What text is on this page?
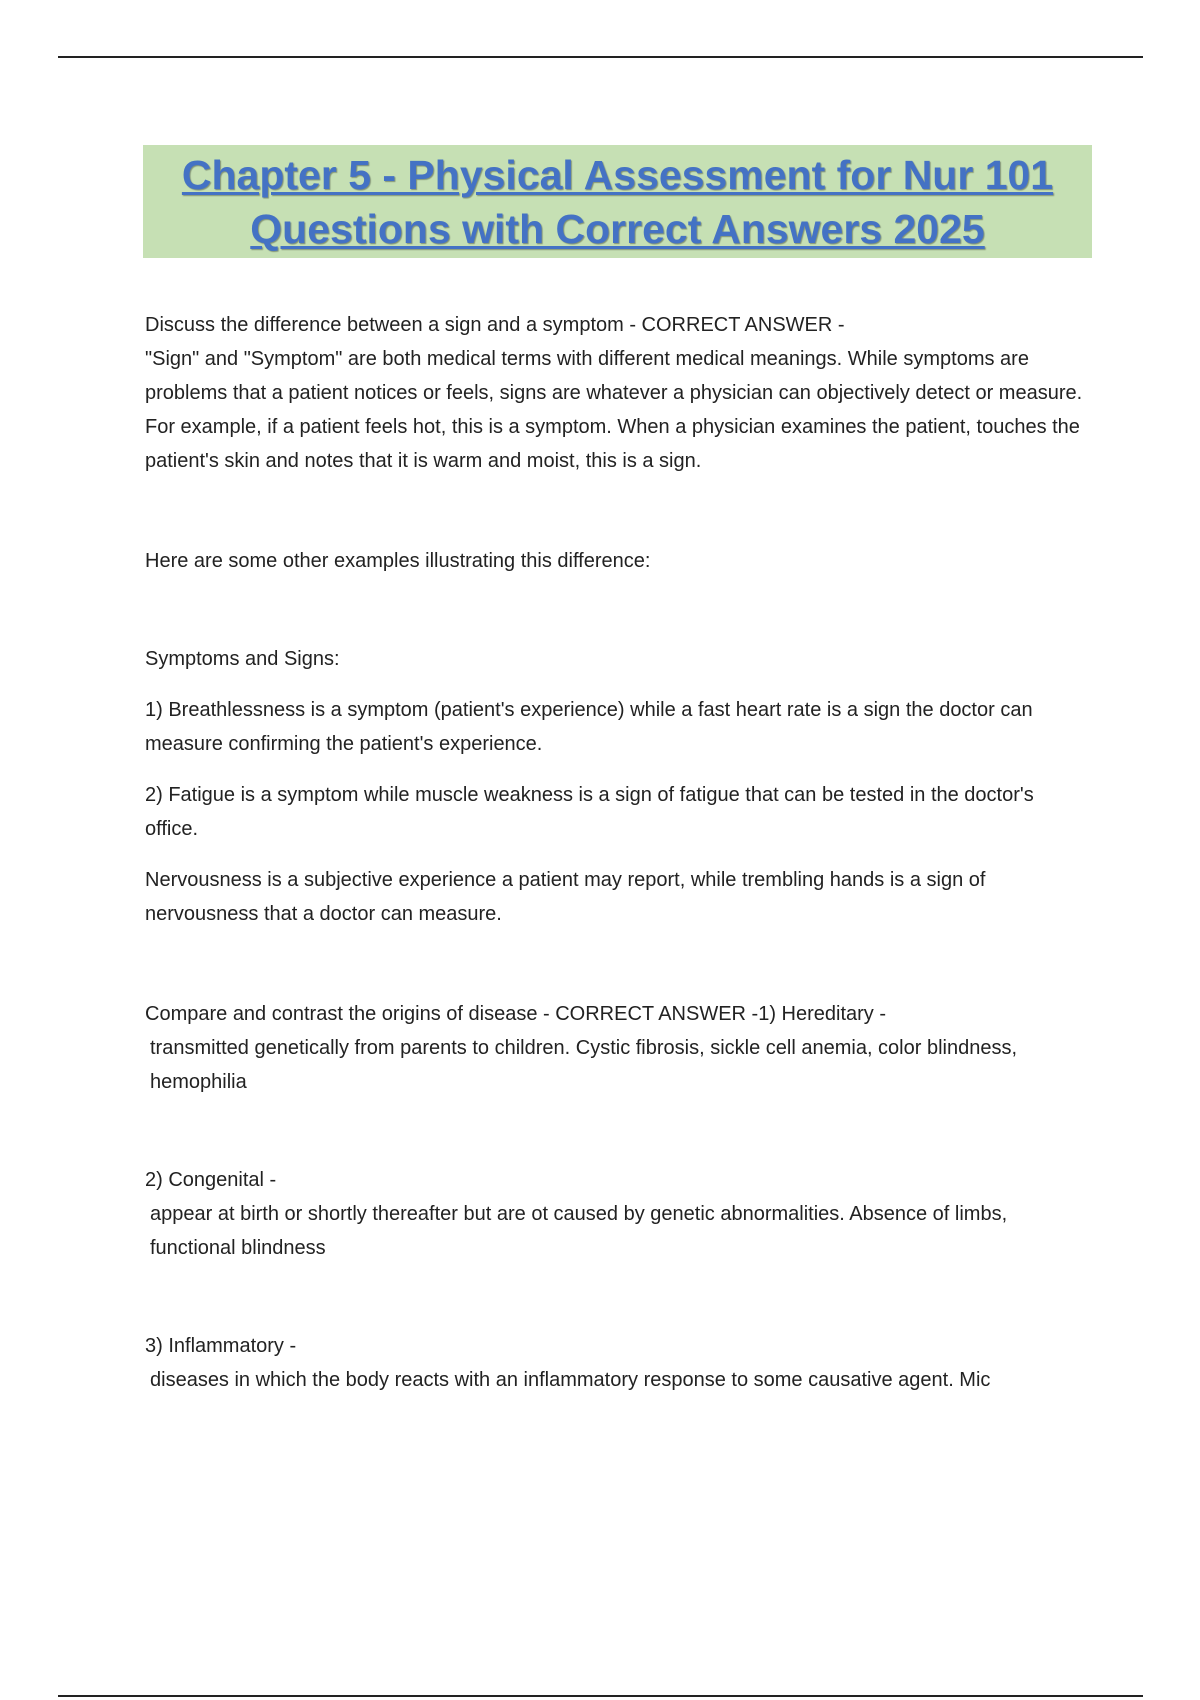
Chapter 5 - Physical Assessment for Nur 101
Questions with Correct Answers 2025

Discuss the difference between a sign and a symptom - CORRECT ANSWER -

"Sign" and "Symptom" are both medical terms with different medical meanings. While symptoms are problems that a patient notices or feels, signs are whatever a physician can objectively detect or measure. For example, if a patient feels hot, this is a symptom. When a physician examines the patient, touches the patient's skin and notes that it is warm and moist, this is a sign.

Here are some other examples illustrating this difference:

Symptoms and Signs:

1) Breathlessness is a symptom (patient's experience) while a fast heart rate is a sign the doctor can measure confirming the patient's experience.

2) Fatigue is a symptom while muscle weakness is a sign of fatigue that can be tested in the doctor's office.

Nervousness is a subjective experience a patient may report, while trembling hands is a sign of nervousness that a doctor can measure.

Compare and contrast the origins of disease - CORRECT ANSWER -1) Hereditary -

transmitted genetically from parents to children. Cystic fibrosis, sickle cell anemia, color blindness, hemophilia

2) Congenital -

appear at birth or shortly thereafter but are ot caused by genetic abnormalities. Absence of limbs, functional blindness

3) Inflammatory -

diseases in which the body reacts with an inflammatory response to some causative agent. Mic
